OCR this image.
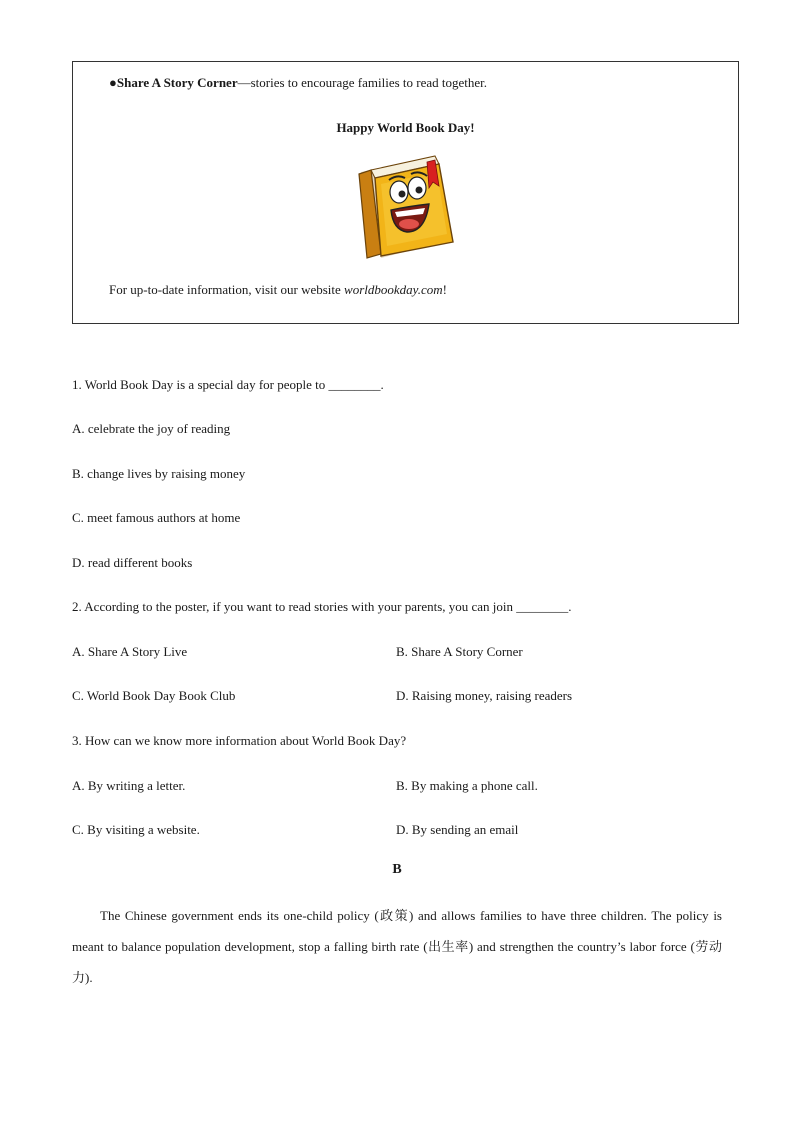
●Share A Story Corner—stories to encourage families to read together.
Happy World Book Day!
For up-to-date information, visit our website worldbookday.com!
1. World Book Day is a special day for people to ________.
A. celebrate the joy of reading
B. change lives by raising money
C. meet famous authors at home
D. read different books
2. According to the poster, if you want to read stories with your parents, you can join ________.
A. Share A Story Live	B. Share A Story Corner
C. World Book Day Book Club	D. Raising money, raising readers
3. How can we know more information about World Book Day?
A. By writing a letter.	B. By making a phone call.
C. By visiting a website.	D. By sending an email
B
The Chinese government ends its one-child policy (政策) and allows families to have three children. The policy is meant to balance population development, stop a falling birth rate (出生率) and strengthen the country’s labor force (劳动力).
